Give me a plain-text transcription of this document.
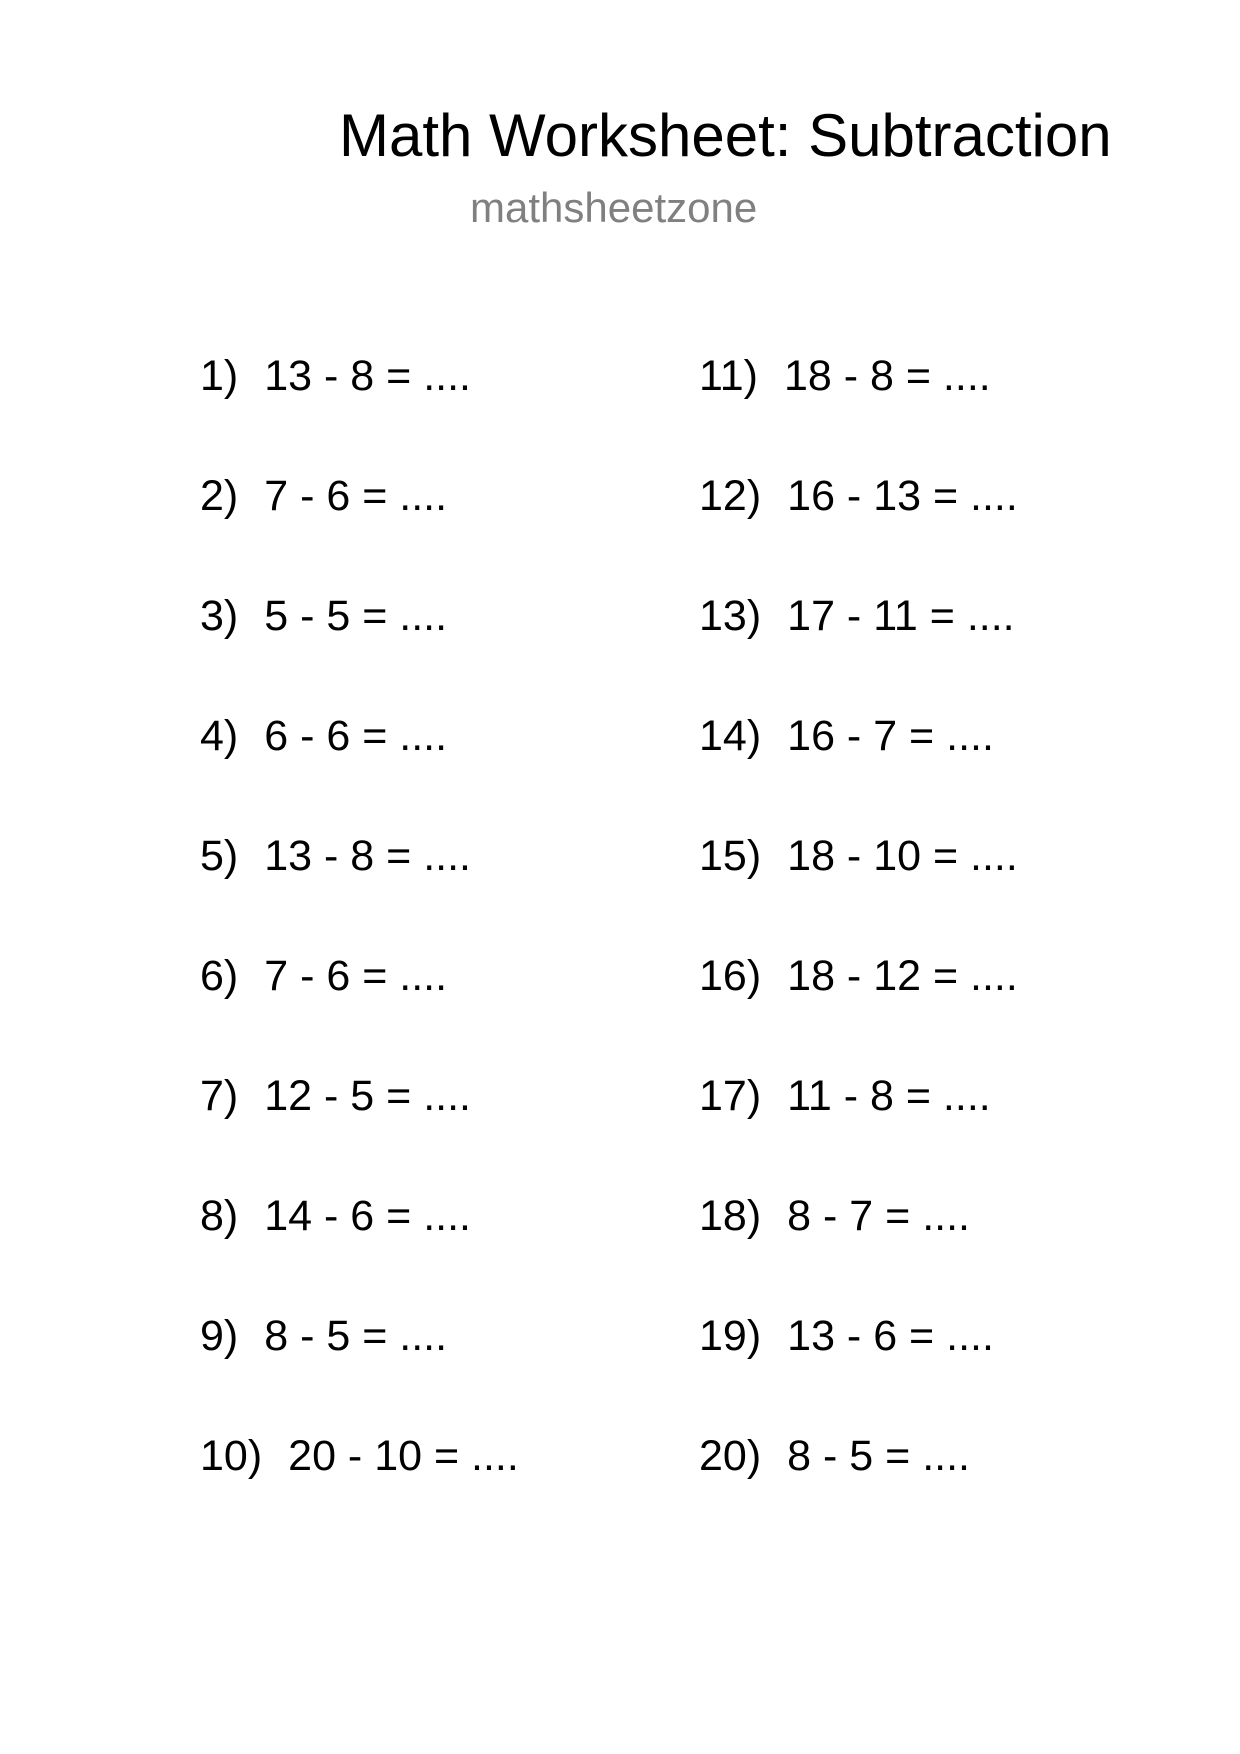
Math Worksheet: Subtraction
mathsheetzone
1) 13 - 8 = ....
2) 7 - 6 = ....
3) 5 - 5 = ....
4) 6 - 6 = ....
5) 13 - 8 = ....
6) 7 - 6 = ....
7) 12 - 5 = ....
8) 14 - 6 = ....
9) 8 - 5 = ....
10) 20 - 10 = ....
11) 18 - 8 = ....
12) 16 - 13 = ....
13) 17 - 11 = ....
14) 16 - 7 = ....
15) 18 - 10 = ....
16) 18 - 12 = ....
17) 11 - 8 = ....
18) 8 - 7 = ....
19) 13 - 6 = ....
20) 8 - 5 = ....
